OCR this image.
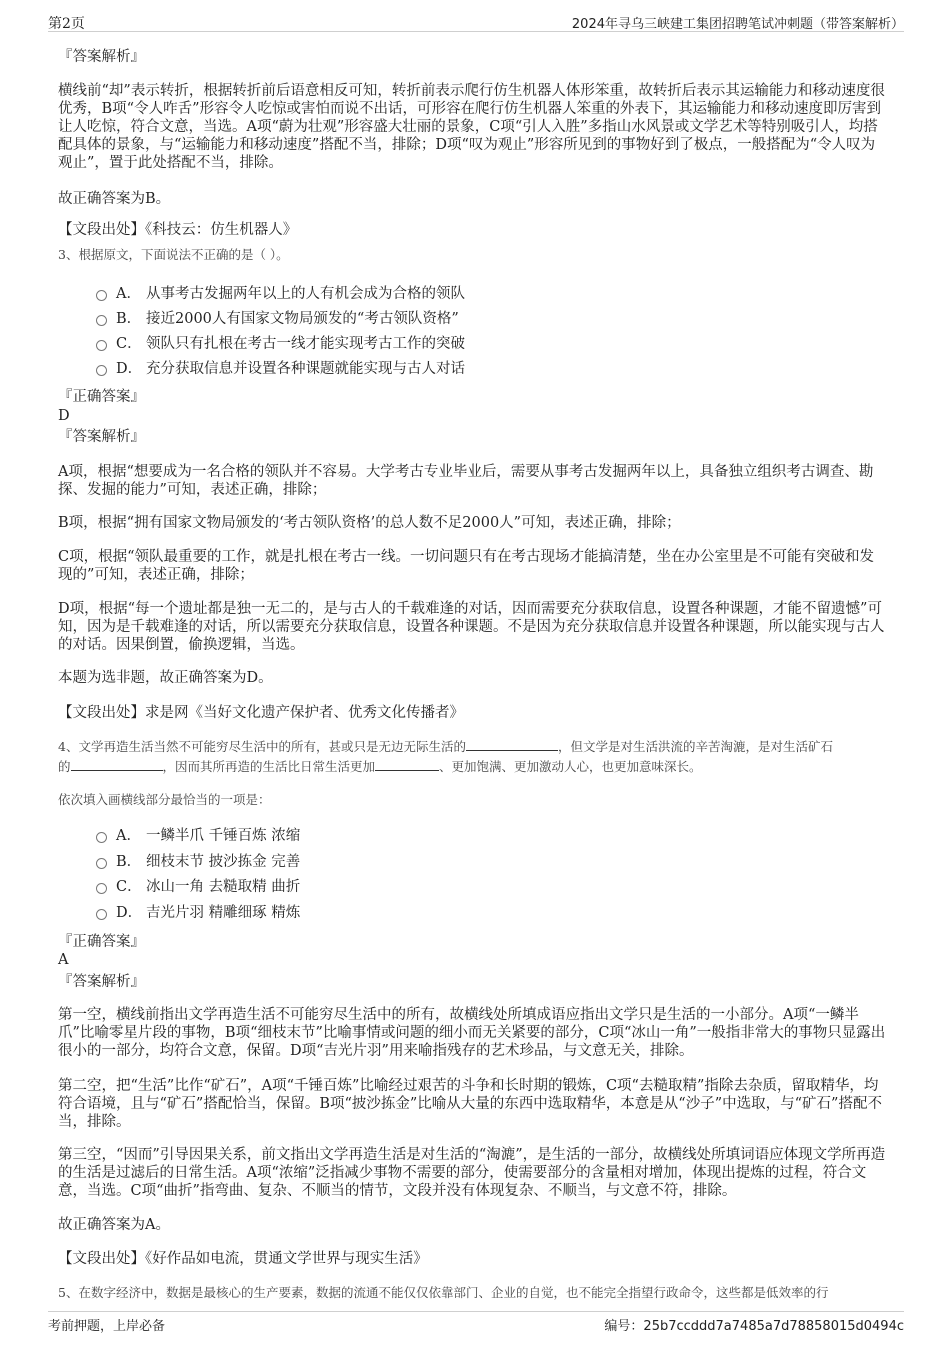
第2页	2024年寻乌三峡建工集团招聘笔试冲刺题（带答案解析）
『答案解析』
横线前“却”表示转折，根据转折前后语意相反可知，转折前表示爬行仿生机器人体形笨重，故转折后表示其运输能力和移动速度很优秀，B项“令人咋舌”形容令人吃惊或害怕而说不出话，可形容在爬行仿生机器人笨重的外表下，其运输能力和移动速度即厉害到让人吃惊，符合文意，当选。A项“蔚为壮观”形容盛大壮丽的景象，C项“引人入胜”多指山水风景或文学艺术等特别吸引人，均搭配具体的景象，与“运输能力和移动速度”搭配不当，排除；D项“叹为观止”形容所见到的事物好到了极点，一般搭配为“令人叹为观止”，置于此处搭配不当，排除。
故正确答案为B。
【文段出处】《科技云：仿生机器人》
3、根据原文，下面说法不正确的是（ ）。
A． 从事考古发掘两年以上的人有机会成为合格的领队
B． 接近2000人有国家文物局颁发的“考古领队资格”
C． 领队只有扎根在考古一线才能实现考古工作的突破
D． 充分获取信息并设置各种课题就能实现与古人对话
『正确答案』
D
『答案解析』
A项，根据“想要成为一名合格的领队并不容易。大学考古专业毕业后，需要从事考古发掘两年以上，具备独立组织考古调查、勘探、发掘的能力”可知，表述正确，排除；
B项，根据“拥有国家文物局颁发的‘考古领队资格’的总人数不足2000人”可知，表述正确，排除；
C项，根据“领队最重要的工作，就是扎根在考古一线。一切问题只有在考古现场才能搞清楚，坐在办公室里是不可能有突破和发现的”可知，表述正确，排除；
D项，根据“每一个遗址都是独一无二的，是与古人的千载难逢的对话，因而需要充分获取信息，设置各种课题，才能不留遗憾”可知，因为是千载难逢的对话，所以需要充分获取信息，设置各种课题。不是因为充分获取信息并设置各种课题，所以能实现与古人的对话。因果倒置，偷换逻辑，当选。
本题为选非题，故正确答案为D。
【文段出处】求是网《当好文化遗产保护者、优秀文化传播者》
4、文学再造生活当然不可能穷尽生活中的所有，甚或只是无边无际生活的	，但文学是对生活洪流的辛苦淘漉，是对生活矿石
的	，因而其所再造的生活比日常生活更加	、更加饱满、更加激动人心，也更加意味深长。
依次填入画横线部分最恰当的一项是：
A． 一鳞半爪 千锤百炼 浓缩
B． 细枝末节 披沙拣金 完善
C． 冰山一角 去糙取精 曲折
D． 吉光片羽 精雕细琢 精炼
『正确答案』
A
『答案解析』
第一空，横线前指出文学再造生活不可能穷尽生活中的所有，故横线处所填成语应指出文学只是生活的一小部分。A项“一鳞半爪”比喻零星片段的事物，B项“细枝末节”比喻事情或问题的细小而无关紧要的部分，C项“冰山一角”一般指非常大的事物只显露出很小的一部分，均符合文意，保留。D项“吉光片羽”用来喻指残存的艺术珍品，与文意无关，排除。
第二空，把“生活”比作“矿石”，A项“千锤百炼”比喻经过艰苦的斗争和长时期的锻炼，C项“去糙取精”指除去杂质，留取精华，均符合语境，且与“矿石”搭配恰当，保留。B项“披沙拣金”比喻从大量的东西中选取精华，本意是从“沙子”中选取，与“矿石”搭配不当，排除。
第三空，“因而”引导因果关系，前文指出文学再造生活是对生活的“淘漉”，是生活的一部分，故横线处所填词语应体现文学所再造的生活是过滤后的日常生活。A项“浓缩”泛指减少事物不需要的部分，使需要部分的含量相对增加，体现出提炼的过程，符合文意，当选。C项“曲折”指弯曲、复杂、不顺当的情节，文段并没有体现复杂、不顺当，与文意不符，排除。
故正确答案为A。
【文段出处】《好作品如电流，贯通文学世界与现实生活》
5、在数字经济中，数据是最核心的生产要素，数据的流通不能仅仅依靠部门、企业的自觉，也不能完全指望行政命令，这些都是低效率的行
考前押题，上岸必备	编号：25b7ccddd7a7485a7d78858015d0494c
